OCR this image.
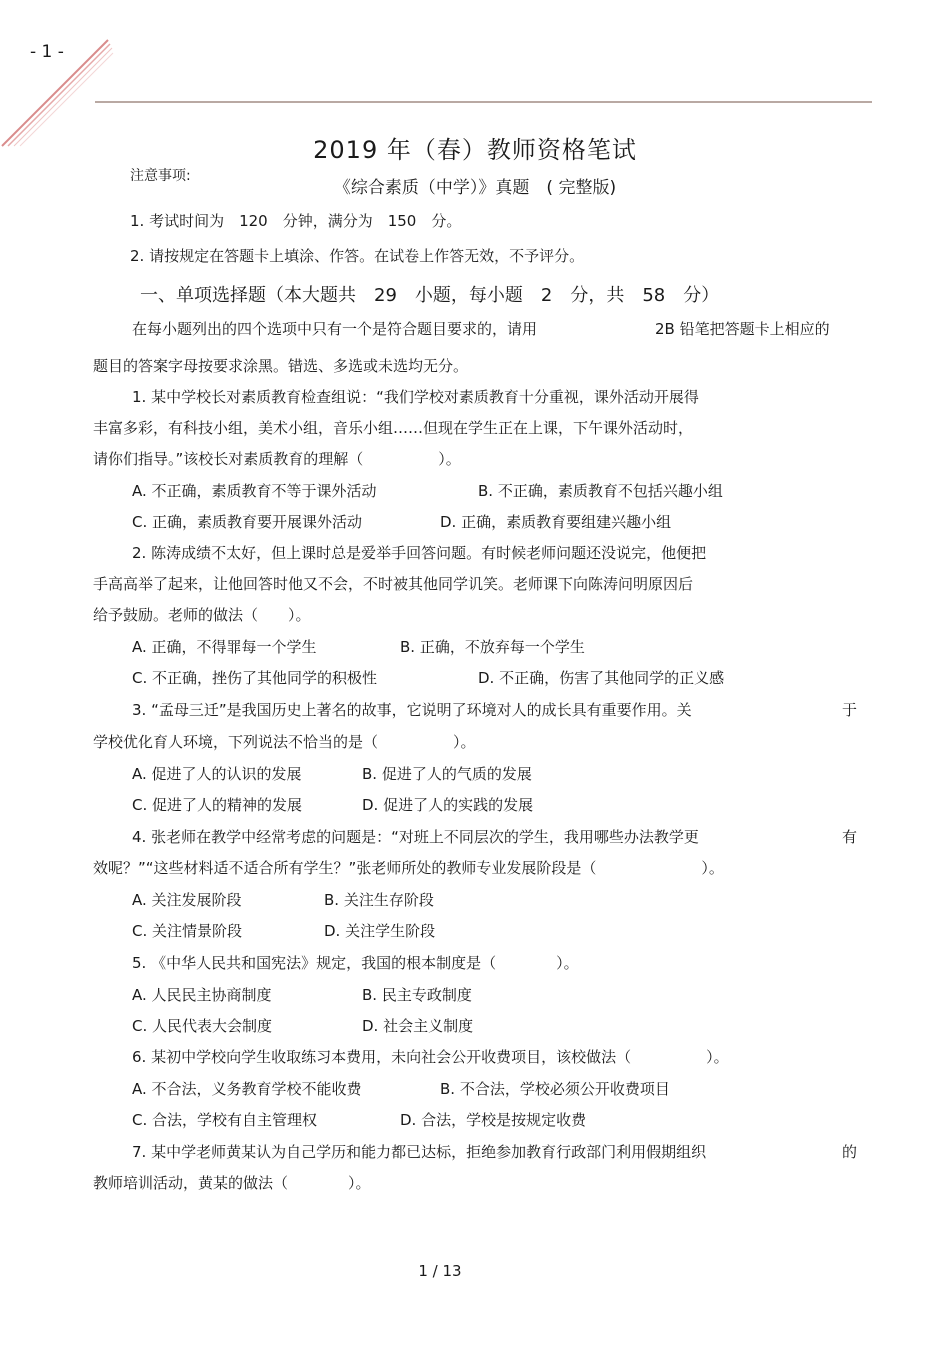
- 1 -
2019 年（春）教师资格笔试
注意事项:
《综合素质（中学）》真题　( 完整版)
1. 考试时间为　120　分钟，满分为　150　分。
2. 请按规定在答题卡上填涂、作答。在试卷上作答无效，不予评分。
一、单项选择题（本大题共　29　小题，每小题　2　分，共　58　分）
在每小题列出的四个选项中只有一个是符合题目要求的，请用	2B 铅笔把答题卡上相应的
题目的答案字母按要求涂黑。错选、多选或未选均无分。
1. 某中学校长对素质教育检查组说：“我们学校对素质教育十分重视，课外活动开展得
丰富多彩，有科技小组，美术小组，音乐小组……但现在学生正在上课，下午课外活动时，
请你们指导。”该校长对素质教育的理解（　　　　　）。
A. 不正确，素质教育不等于课外活动	B. 不正确，素质教育不包括兴趣小组
C. 正确，素质教育要开展课外活动	D. 正确，素质教育要组建兴趣小组
2. 陈涛成绩不太好，但上课时总是爱举手回答问题。有时候老师问题还没说完，他便把
手高高举了起来，让他回答时他又不会，不时被其他同学讥笑。老师课下向陈涛问明原因后
给予鼓励。老师的做法（　　）。
A. 正确，不得罪每一个学生	B. 正确，不放弃每一个学生
C. 不正确，挫伤了其他同学的积极性	D. 不正确，伤害了其他同学的正义感
3. “孟母三迁”是我国历史上著名的故事，它说明了环境对人的成长具有重要作用。关	于
学校优化育人环境，下列说法不恰当的是（　　　　　）。
A. 促进了人的认识的发展	B. 促进了人的气质的发展
C. 促进了人的精神的发展	D. 促进了人的实践的发展
4. 张老师在教学中经常考虑的问题是：“对班上不同层次的学生，我用哪些办法教学更	有
效呢？”“这些材料适不适合所有学生？”张老师所处的教师专业发展阶段是（　　　　　　　）。
A. 关注发展阶段	B. 关注生存阶段
C. 关注情景阶段	D. 关注学生阶段
5. 《中华人民共和国宪法》规定，我国的根本制度是（　　　　）。
A. 人民民主协商制度	B. 民主专政制度
C. 人民代表大会制度	D. 社会主义制度
6. 某初中学校向学生收取练习本费用，未向社会公开收费项目，该校做法（　　　　　）。
A. 不合法，义务教育学校不能收费	B. 不合法，学校必须公开收费项目
C. 合法，学校有自主管理权	D. 合法，学校是按规定收费
7. 某中学老师黄某认为自己学历和能力都已达标，拒绝参加教育行政部门利用假期组织	的
教师培训活动，黄某的做法（　　　　）。
1 / 13
